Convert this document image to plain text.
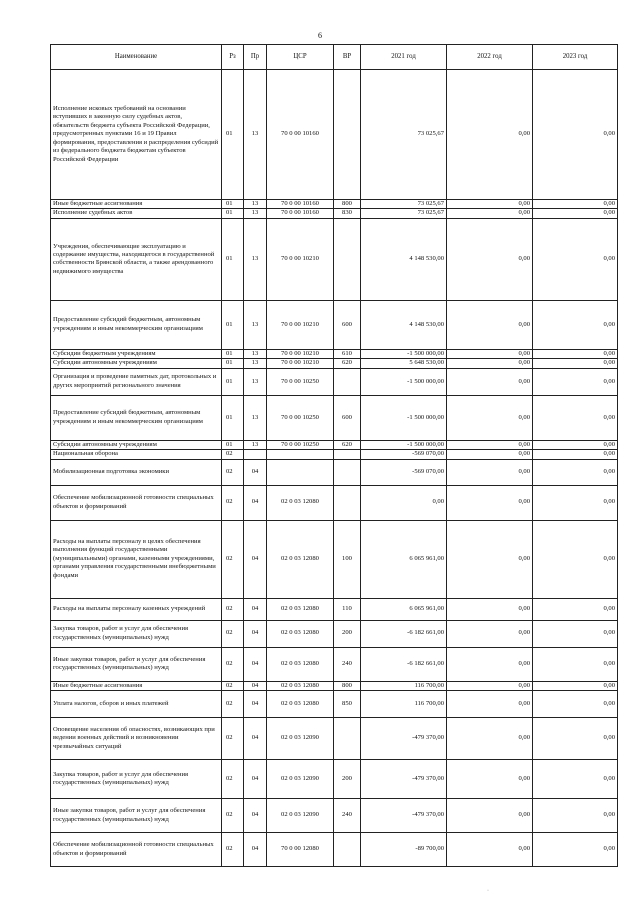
6
Наименование	Рз	Пр	ЦСР	ВР	2021 год	2022 год	2023 год
Исполнение исковых требований на основании вступивших в законную силу судебных актов, обязательств бюджета субъекта Российской Федерации, предусмотренных пунктами 16 и 19 Правил формирования, предоставления и распределения субсидий из федерального бюджета бюджетам субъектов Российской Федерации	01	13	70 0 00 10160		73 025,67	0,00	0,00
Иные бюджетные ассигнования	01	13	70 0 00 10160	800	73 025,67	0,00	0,00
Исполнение судебных актов	01	13	70 0 00 10160	830	73 025,67	0,00	0,00
Учреждения, обеспечивающие эксплуатацию и содержание имущества, находящегося в государственной собственности Брянской области, а также арендованного недвижимого имущества	01	13	70 0 00 10210		4 148 530,00	0,00	0,00
Предоставление субсидий бюджетным, автономным учреждениям и иным некоммерческим организациям	01	13	70 0 00 10210	600	4 148 530,00	0,00	0,00
Субсидии бюджетным учреждениям	01	13	70 0 00 10210	610	-1 500 000,00	0,00	0,00
Субсидии автономным учреждениям	01	13	70 0 00 10210	620	5 648 530,00	0,00	0,00
Организация и проведение памятных дат, протокольных и других мероприятий регионального значения	01	13	70 0 00 10250		-1 500 000,00	0,00	0,00
Предоставление субсидий бюджетным, автономным учреждениям и иным некоммерческим организациям	01	13	70 0 00 10250	600	-1 500 000,00	0,00	0,00
Субсидии автономным учреждениям	01	13	70 0 00 10250	620	-1 500 000,00	0,00	0,00
Национальная оборона	02				-569 070,00	0,00	0,00
Мобилизационная подготовка экономики	02	04			-569 070,00	0,00	0,00
Обеспечение мобилизационной готовности специальных объектов и формирований	02	04	02 0 03 12080		0,00	0,00	0,00
Расходы на выплаты персоналу в целях обеспечения выполнения функций государственными (муниципальными) органами, казенными учреждениями, органами управления государственными внебюджетными фондами	02	04	02 0 03 12080	100	6 065 961,00	0,00	0,00
Расходы на выплаты персоналу казенных учреждений	02	04	02 0 03 12080	110	6 065 961,00	0,00	0,00
Закупка товаров, работ и услуг для обеспечения государственных (муниципальных) нужд	02	04	02 0 03 12080	200	-6 182 661,00	0,00	0,00
Иные закупки товаров, работ и услуг для обеспечения государственных (муниципальных) нужд	02	04	02 0 03 12080	240	-6 182 661,00	0,00	0,00
Иные бюджетные ассигнования	02	04	02 0 03 12080	800	116 700,00	0,00	0,00
Уплата налогов, сборов и иных платежей	02	04	02 0 03 12080	850	116 700,00	0,00	0,00
Оповещение населения об опасностях, возникающих при ведении военных действий и возникновении чрезвычайных ситуаций	02	04	02 0 03 12090		-479 370,00	0,00	0,00
Закупка товаров, работ и услуг для обеспечения государственных (муниципальных) нужд	02	04	02 0 03 12090	200	-479 370,00	0,00	0,00
Иные закупки товаров, работ и услуг для обеспечения государственных (муниципальных) нужд	02	04	02 0 03 12090	240	-479 370,00	0,00	0,00
Обеспечение мобилизационной готовности специальных объектов и формирований	02	04	70 0 00 12080		-89 700,00	0,00	0,00
·
